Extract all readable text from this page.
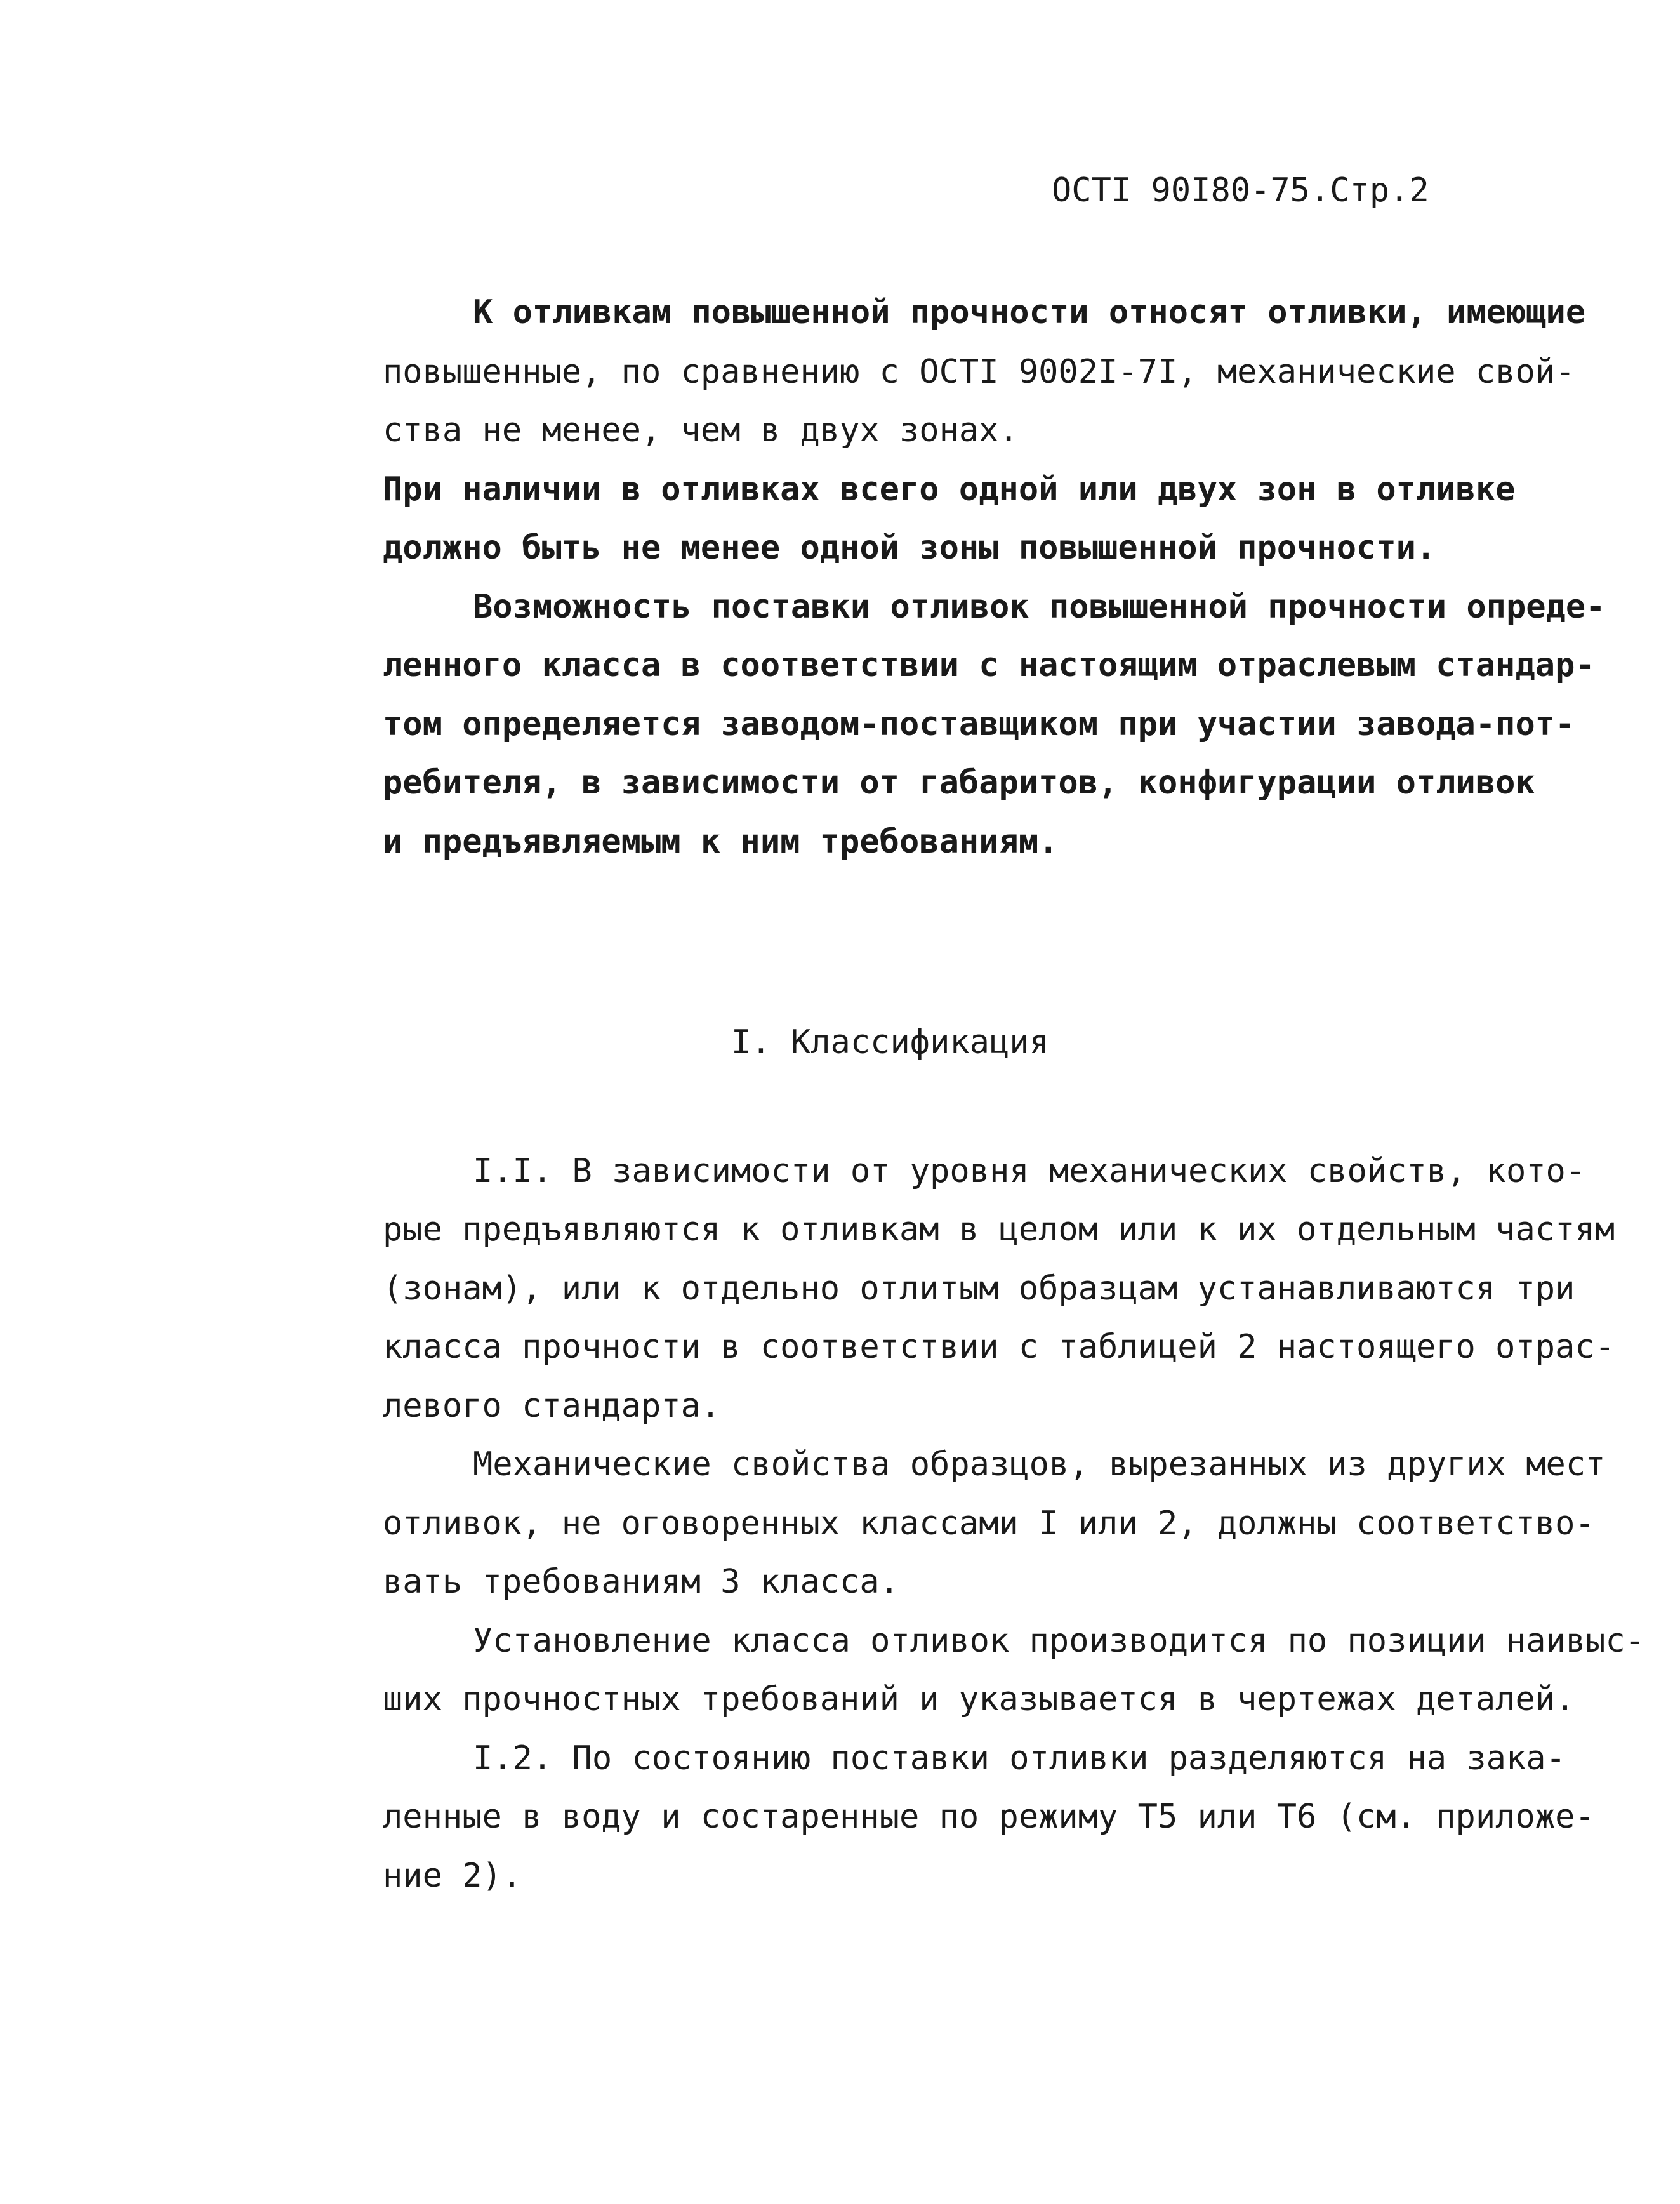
ОСТI 90I80-75.Стр.2
К отливкам повышенной прочности относят отливки, имеющие
повышенные, по сравнению с ОСТI 9002I-7I, механические свой-
ства не менее, чем в двух зонах.
При наличии в отливках всего одной или двух зон в отливке
должно быть не менее одной зоны повышенной прочности.
Возможность поставки отливок повышенной прочности опреде-
ленного класса в соответствии с настоящим отраслевым стандар-
том определяется заводом-поставщиком при участии завода-пот-
ребителя, в зависимости от габаритов, конфигурации отливок
и предъявляемым к ним требованиям.
I. Классификация
I.I. В зависимости от уровня механических свойств, кото-
рые предъявляются к отливкам в целом или к их отдельным частям
(зонам), или к отдельно отлитым образцам устанавливаются три
класса прочности в соответствии с таблицей 2 настоящего отрас-
левого стандарта.
Механические свойства образцов, вырезанных из других мест
отливок, не оговоренных классами I или 2, должны соответство-
вать требованиям 3 класса.
Установление класса отливок производится по позиции наивыс-
ших прочностных требований и указывается в чертежах деталей.
I.2. По состоянию поставки отливки разделяются на зака-
ленные в воду и состаренные по режиму Т5 или Т6 (см. приложе-
ние 2).
